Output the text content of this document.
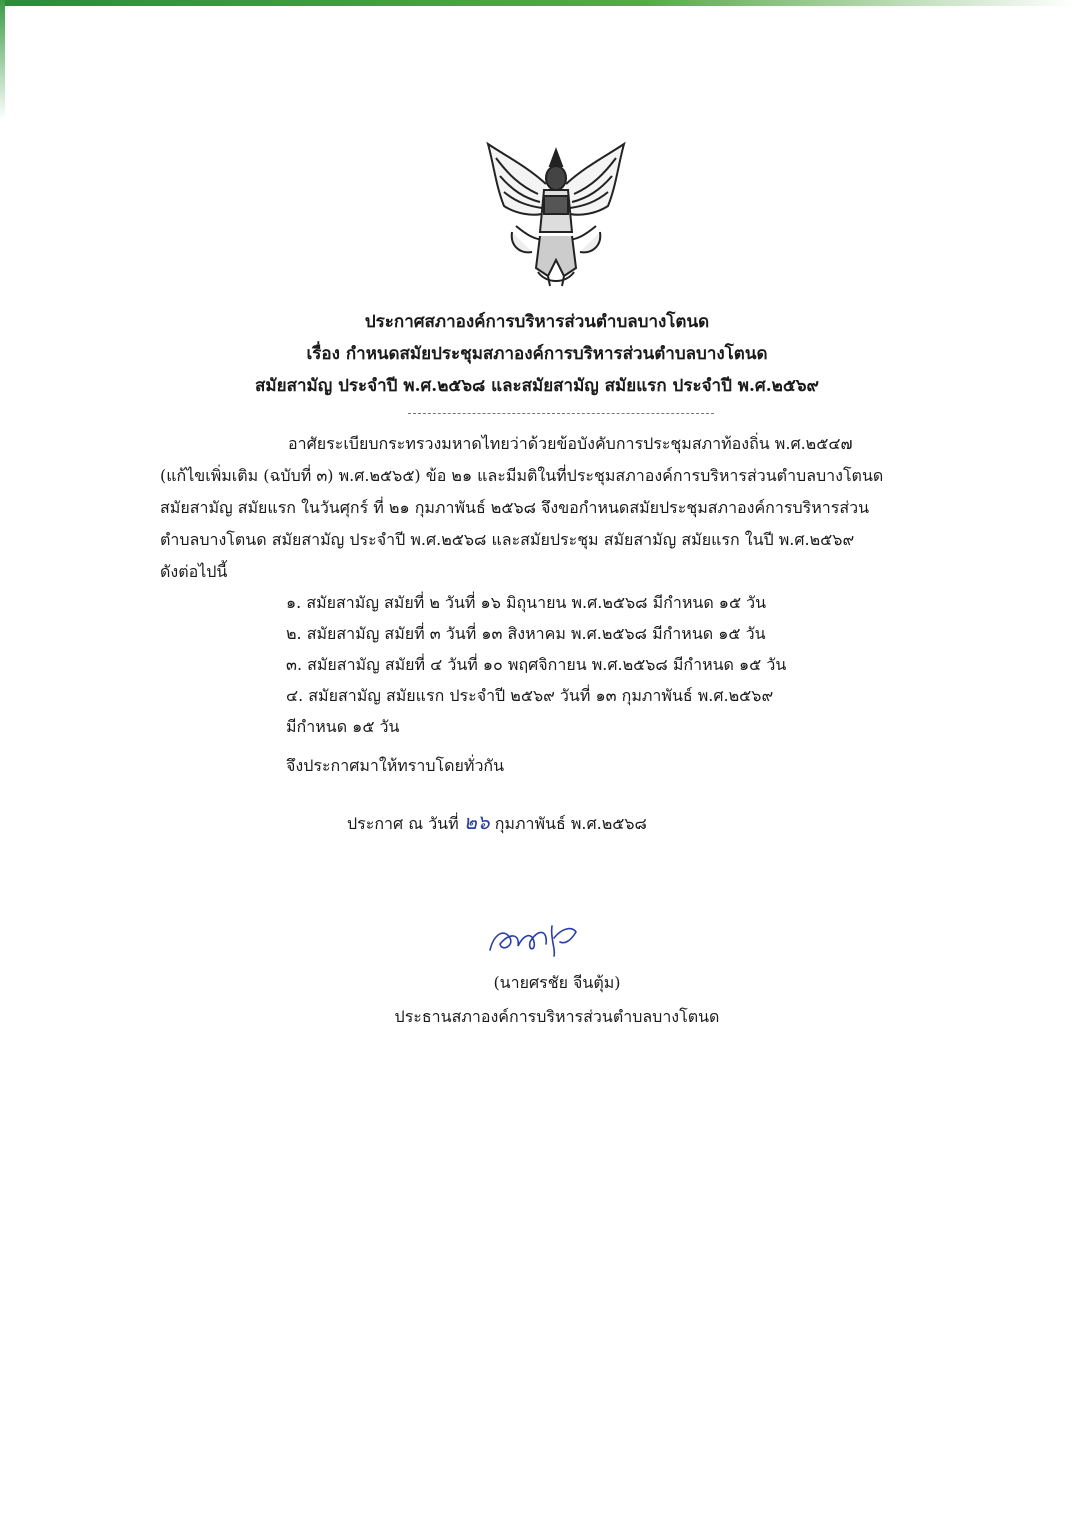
ประกาศสภาองค์การบริหารส่วนตำบลบางโตนด
เรื่อง กำหนดสมัยประชุมสภาองค์การบริหารส่วนตำบลบางโตนด
สมัยสามัญ ประจำปี พ.ศ.๒๕๖๘ และสมัยสามัญ สมัยแรก ประจำปี พ.ศ.๒๕๖๙
อาศัยระเบียบกระทรวงมหาดไทยว่าด้วยข้อบังคับการประชุมสภาท้องถิ่น พ.ศ.๒๕๔๗
(แก้ไขเพิ่มเติม (ฉบับที่ ๓) พ.ศ.๒๕๖๕) ข้อ ๒๑ และมีมติในที่ประชุมสภาองค์การบริหารส่วนตำบลบางโตนด
สมัยสามัญ สมัยแรก ในวันศุกร์ ที่ ๒๑ กุมภาพันธ์ ๒๕๖๘ จึงขอกำหนดสมัยประชุมสภาองค์การบริหารส่วน
ตำบลบางโตนด สมัยสามัญ ประจำปี พ.ศ.๒๕๖๘ และสมัยประชุม สมัยสามัญ สมัยแรก ในปี พ.ศ.๒๕๖๙
ดังต่อไปนี้
๑. สมัยสามัญ สมัยที่ ๒ วันที่ ๑๖ มิถุนายน พ.ศ.๒๕๖๘ มีกำหนด ๑๕ วัน
๒. สมัยสามัญ สมัยที่ ๓ วันที่ ๑๓ สิงหาคม พ.ศ.๒๕๖๘ มีกำหนด ๑๕ วัน
๓. สมัยสามัญ สมัยที่ ๔ วันที่ ๑๐ พฤศจิกายน พ.ศ.๒๕๖๘ มีกำหนด ๑๕ วัน
๔. สมัยสามัญ สมัยแรก ประจำปี ๒๕๖๙ วันที่ ๑๓ กุมภาพันธ์ พ.ศ.๒๕๖๙
มีกำหนด ๑๕ วัน
จึงประกาศมาให้ทราบโดยทั่วกัน
ประกาศ ณ วันที่ ๒๖ กุมภาพันธ์ พ.ศ.๒๕๖๘
(นายศรชัย จีนตุ้ม)
ประธานสภาองค์การบริหารส่วนตำบลบางโตนด
